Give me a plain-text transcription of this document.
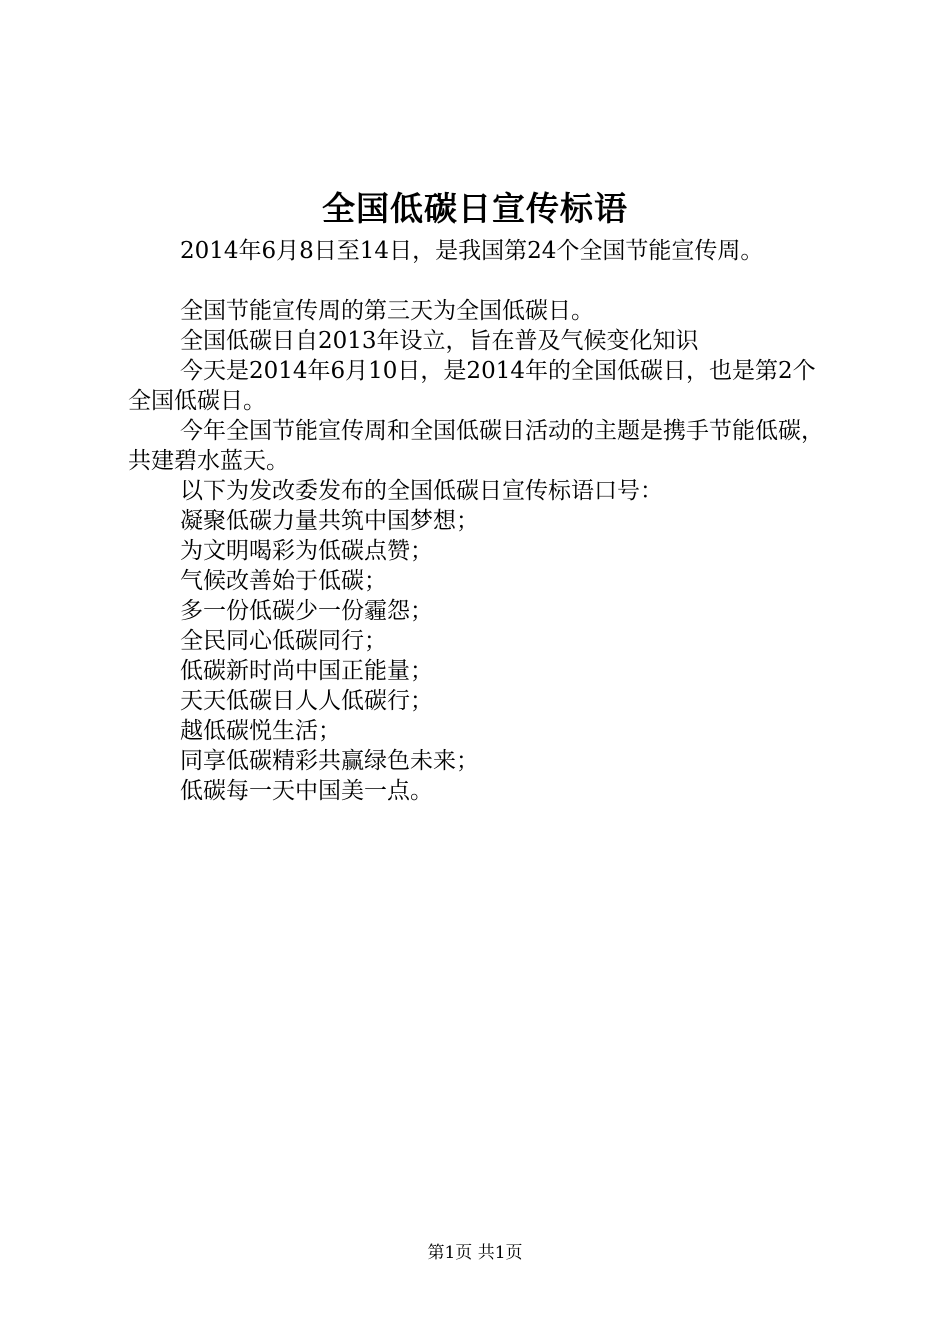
全国低碳日宣传标语

2014年6月8日至14日，是我国第24个全国节能宣传周。

全国节能宣传周的第三天为全国低碳日。

全国低碳日自2013年设立，旨在普及气候变化知识

今天是2014年6月10日，是2014年的全国低碳日，也是第2个全国低碳日。

今年全国节能宣传周和全国低碳日活动的主题是携手节能低碳，共建碧水蓝天。

以下为发改委发布的全国低碳日宣传标语口号：

凝聚低碳力量共筑中国梦想；

为文明喝彩为低碳点赞；

气候改善始于低碳；

多一份低碳少一份霾怨；

全民同心低碳同行；

低碳新时尚中国正能量；

天天低碳日人人低碳行；

越低碳悦生活；

同享低碳精彩共赢绿色未来；

低碳每一天中国美一点。

第1页 共1页
